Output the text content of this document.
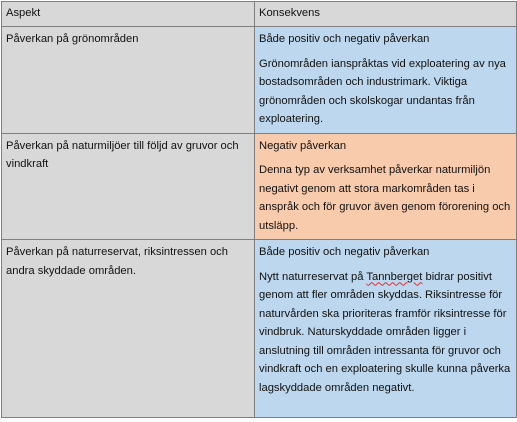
Aspekt	Konsekvens
Påverkan på grönområden	Både positiv och negativ påverkan
Grönområden ianspråktas vid exploatering av nya bostadsområden och industrimark. Viktiga grönområden och skolskogar undantas från exploatering.

Påverkan på naturmiljöer till följd av gruvor och vindkraft	Negativ påverkan
Denna typ av verksamhet påverkar naturmiljön negativt genom att stora markområden tas i anspråk och för gruvor även genom förorening och utsläpp.

Påverkan på naturreservat, riksintressen och andra skyddade områden.	Både positiv och negativ påverkan
Nytt naturreservat på Tannberget bidrar positivt genom att fler områden skyddas. Riksintresse för naturvården ska prioriteras framför riksintresse för vindbruk. Naturskyddade områden ligger i anslutning till områden intressanta för gruvor och vindkraft och en exploatering skulle kunna påverka lagskyddade områden negativt.
